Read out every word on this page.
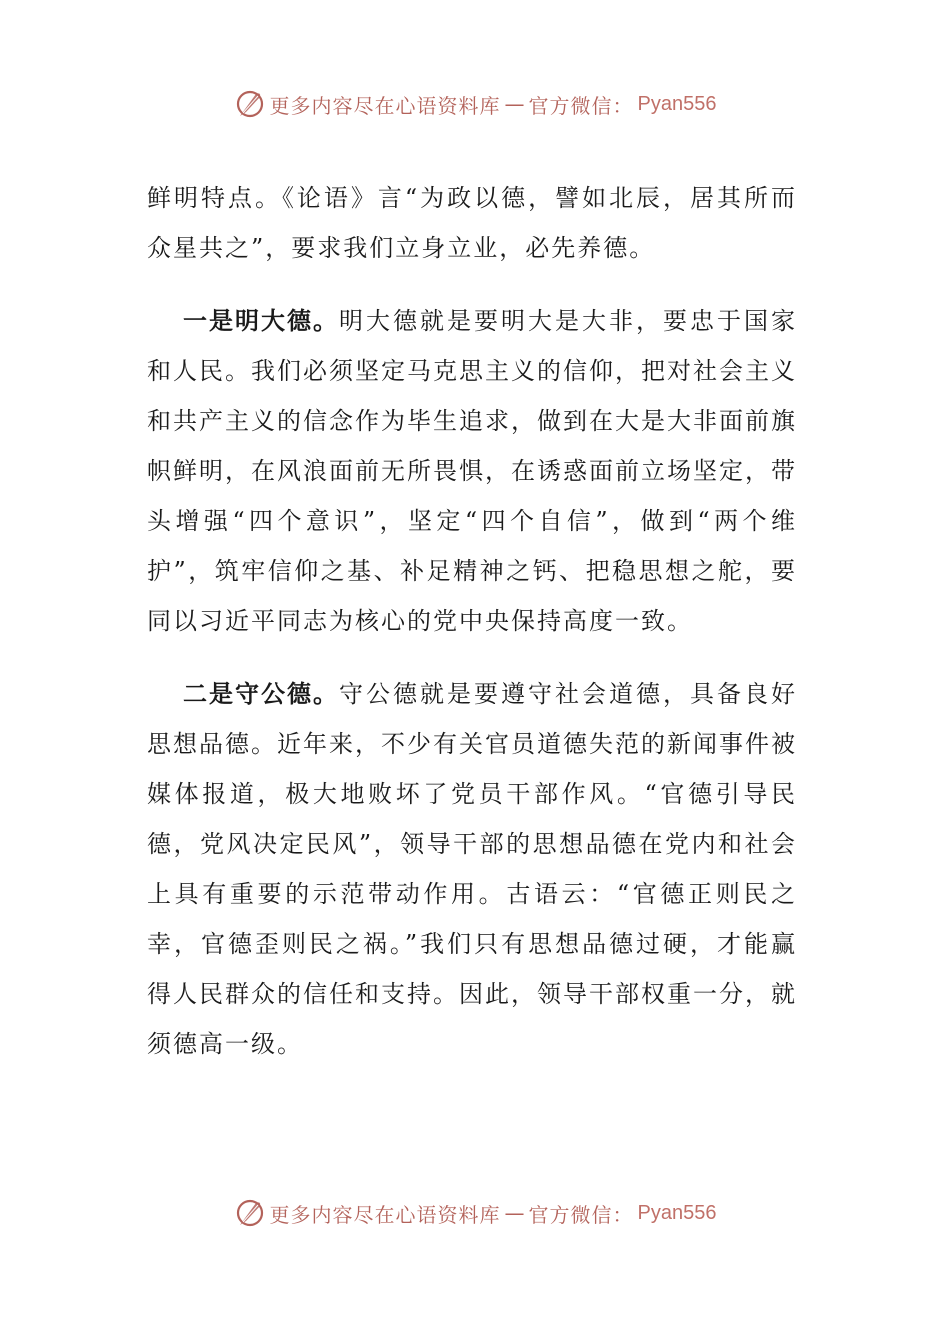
更多内容尽在心语资料库 — 官方微信： Pyan556

鲜明特点。《论语》言“为政以德，譬如北辰，居其所而众星共之”，要求我们立身立业，必先养德。

一是明大德。明大德就是要明大是大非，要忠于国家和人民。我们必须坚定马克思主义的信仰，把对社会主义和共产主义的信念作为毕生追求，做到在大是大非面前旗帜鲜明，在风浪面前无所畏惧，在诱惑面前立场坚定，带头增强“四个意识”，坚定“四个自信”，做到“两个维护”，筑牢信仰之基、补足精神之钙、把稳思想之舵，要同以习近平同志为核心的党中央保持高度一致。

二是守公德。守公德就是要遵守社会道德，具备良好思想品德。近年来，不少有关官员道德失范的新闻事件被媒体报道，极大地败坏了党员干部作风。“官德引导民德，党风决定民风”，领导干部的思想品德在党内和社会上具有重要的示范带动作用。古语云：“官德正则民之幸，官德歪则民之祸。”我们只有思想品德过硬，才能赢得人民群众的信任和支持。因此，领导干部权重一分，就须德高一级。

更多内容尽在心语资料库 — 官方微信： Pyan556
